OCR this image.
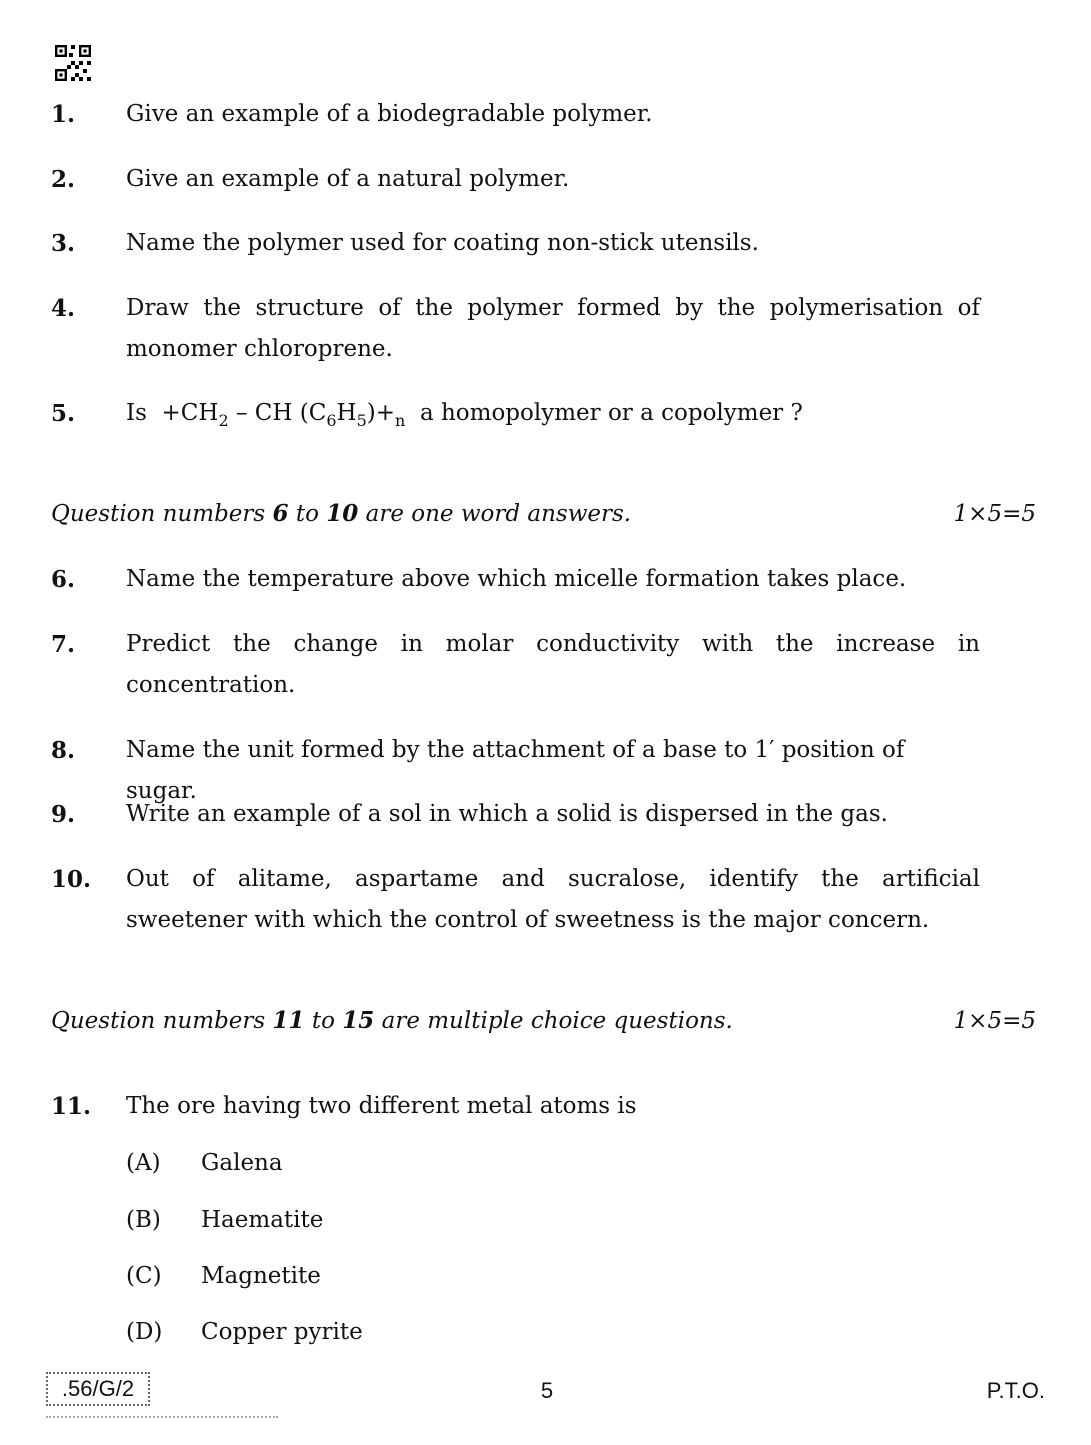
1. Give an example of a biodegradable polymer.
2. Give an example of a natural polymer.
3. Name the polymer used for coating non-stick utensils.
4. Draw the structure of the polymer formed by the polymerisation of monomer chloroprene.
5. $Is +CH_2$ – CH $(C_6H_5)+_n$ a homopolymer or a copolymer ?
Question numbers 6 to 10 are one word answers.	1×5=5
6. Name the temperature above which micelle formation takes place.
7. Predict the change in molar conductivity with the increase in concentration.
8. Name the unit formed by the attachment of a base to 1′ position of sugar.
9. Write an example of a sol in which a solid is dispersed in the gas.
10. Out of alitame, aspartame and sucralose, identify the artificial sweetener with which the control of sweetness is the major concern.
Question numbers 11 to 15 are multiple choice questions.	1×5=5
11. The ore having two different metal atoms is
(A) Galena
(B) Haematite
(C) Magnetite
(D) Copper pyrite
.56/G/2	5	P.T.O.
